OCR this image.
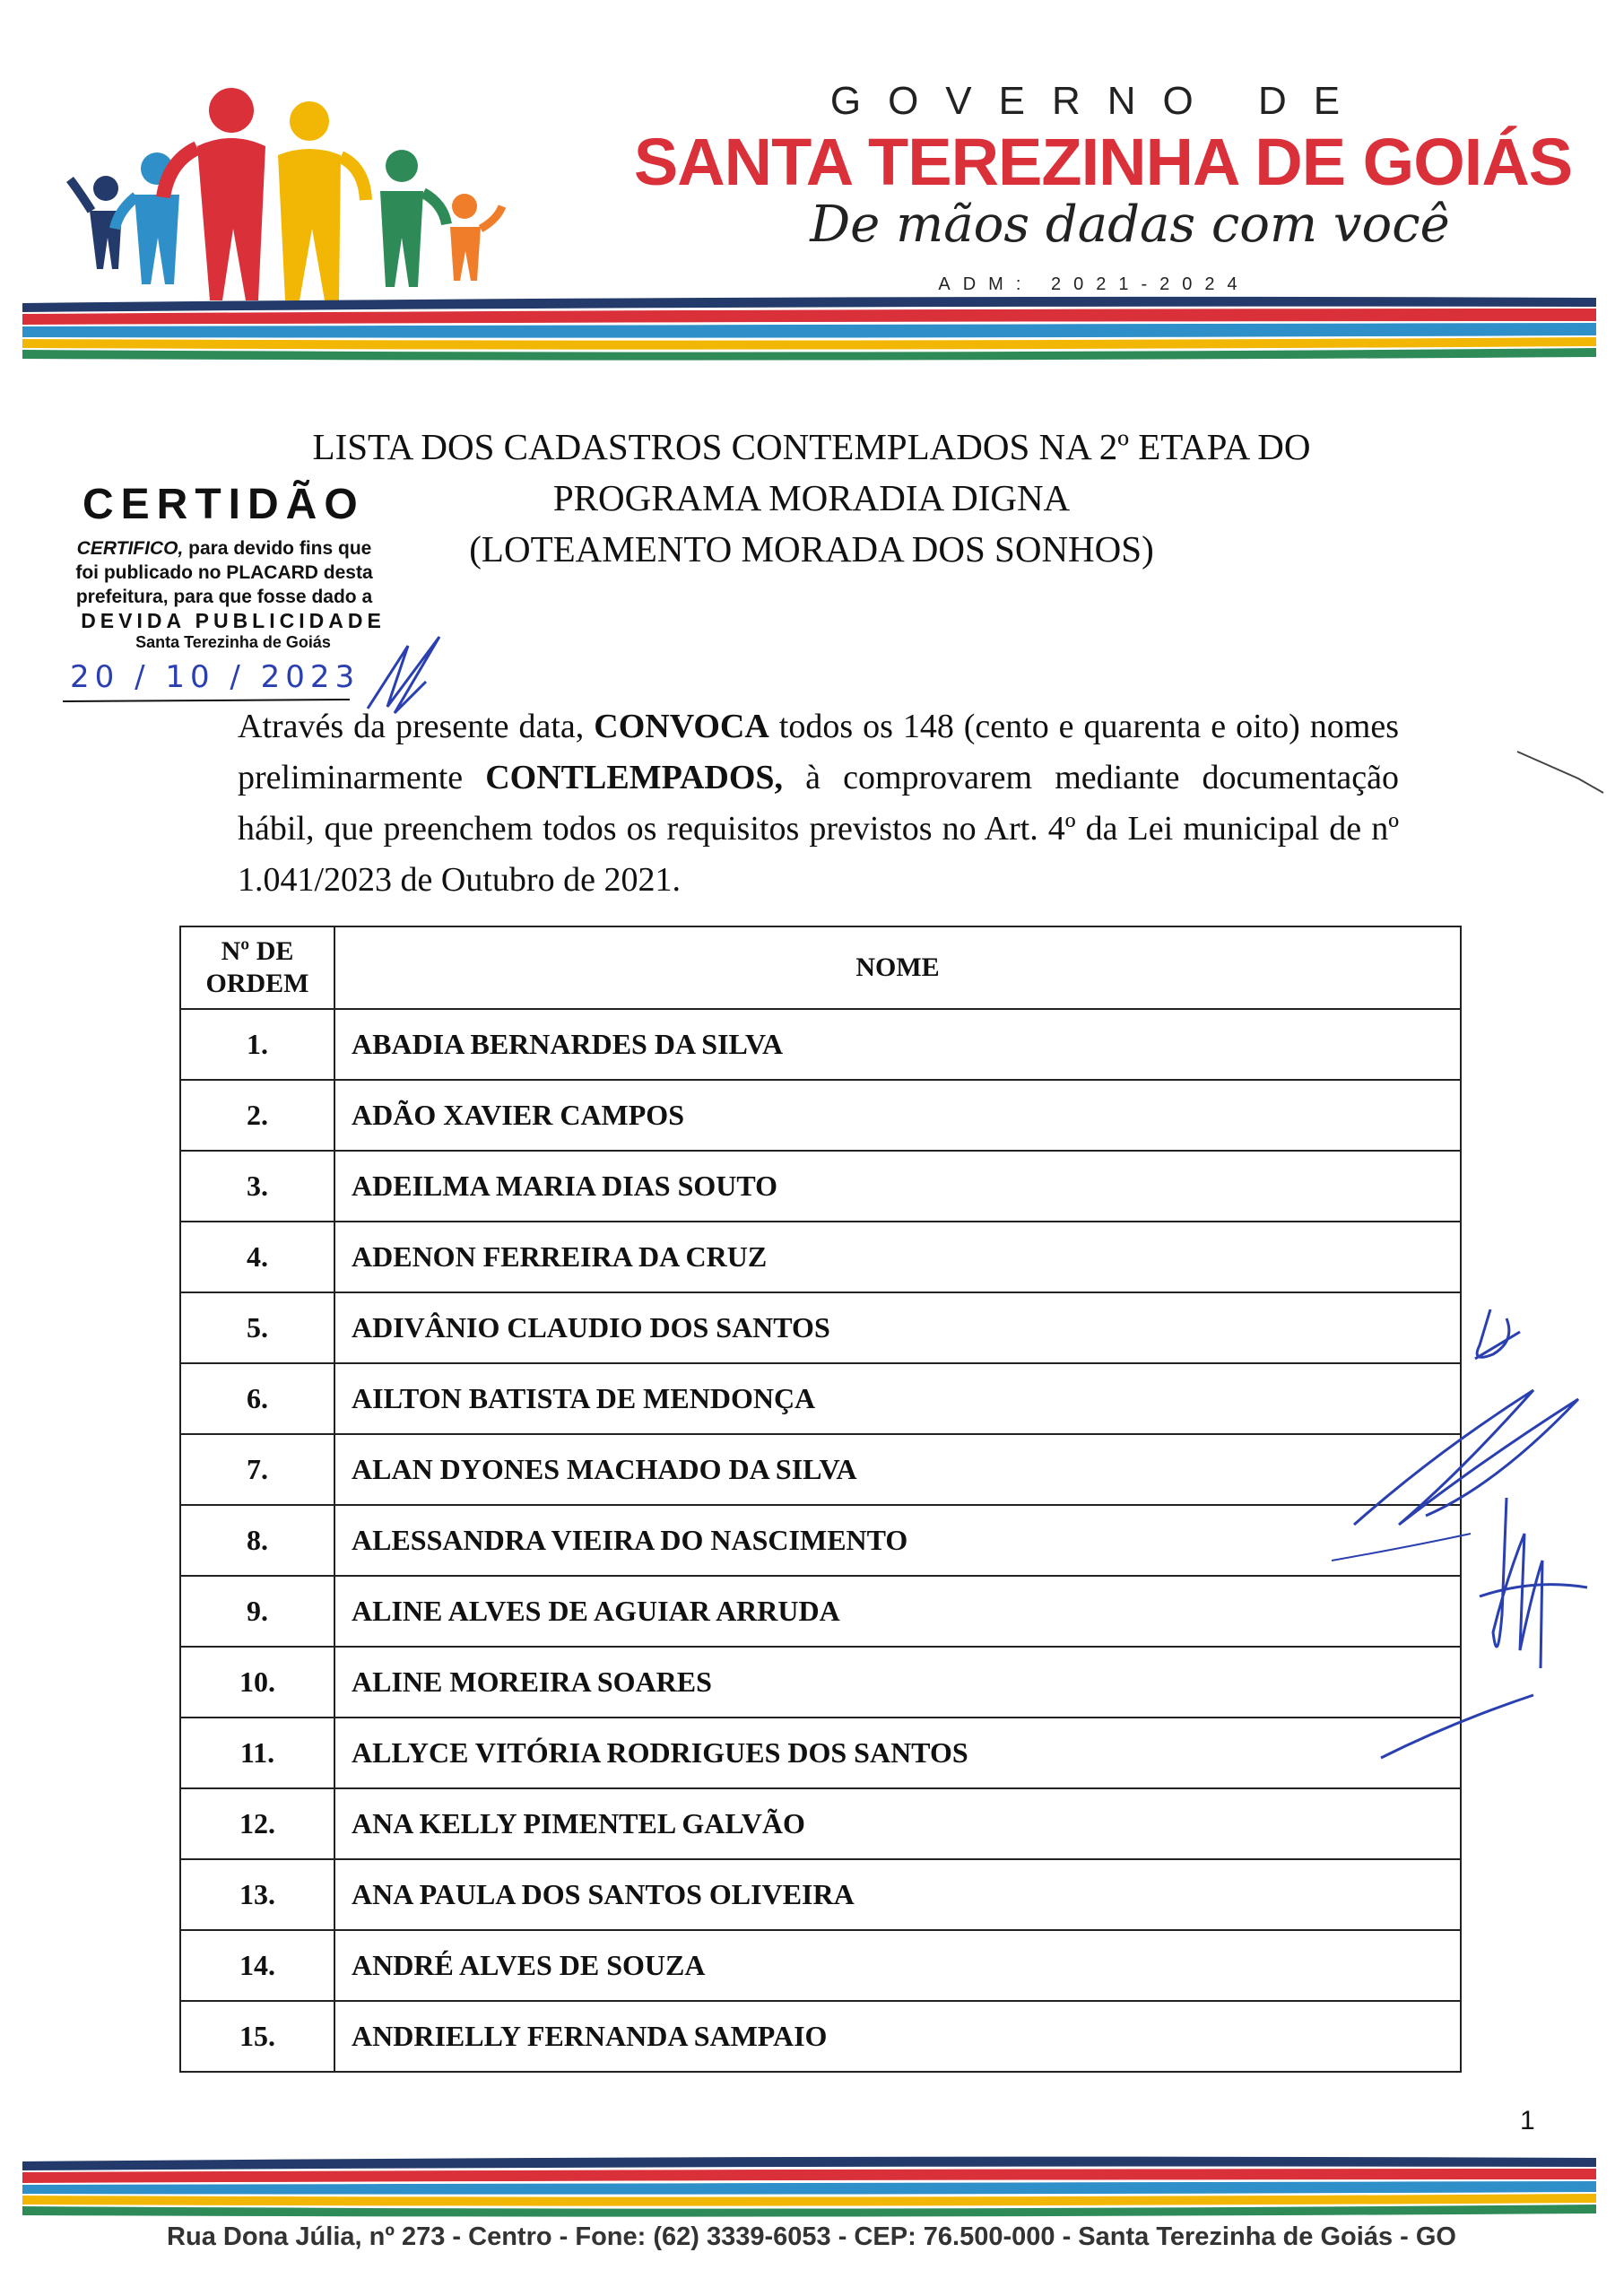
GOVERNO DE
SANTA TEREZINHA DE GOIÁS
De mãos dadas com você
ADM: 2021-2024
LISTA DOS CADASTROS CONTEMPLADOS NA 2º ETAPA DO
PROGRAMA MORADIA DIGNA
(LOTEAMENTO MORADA DOS SONHOS)
CERTIDÃO
CERTIFICO, para devido fins que foi publicado no PLACARD desta prefeitura, para que fosse dado a
DEVIDA PUBLICIDADE
Santa Terezinha de Goiás
20 / 10 / 2023
Através da presente data, CONVOCA todos os 148 (cento e quarenta e oito) nomes preliminarmente CONTLEMPADOS, à comprovarem mediante documentação hábil, que preenchem todos os requisitos previstos no Art. 4º da Lei municipal de nº 1.041/2023 de Outubro de 2021.
Nº DE ORDEM	NOME
1.	ABADIA BERNARDES DA SILVA
2.	ADÃO XAVIER CAMPOS
3.	ADEILMA MARIA DIAS SOUTO
4.	ADENON FERREIRA DA CRUZ
5.	ADIVÂNIO CLAUDIO DOS SANTOS
6.	AILTON BATISTA DE MENDONÇA
7.	ALAN DYONES MACHADO DA SILVA
8.	ALESSANDRA VIEIRA DO NASCIMENTO
9.	ALINE ALVES DE AGUIAR ARRUDA
10.	ALINE MOREIRA SOARES
11.	ALLYCE VITÓRIA RODRIGUES DOS SANTOS
12.	ANA KELLY PIMENTEL GALVÃO
13.	ANA PAULA DOS SANTOS OLIVEIRA
14.	ANDRÉ ALVES DE SOUZA
15.	ANDRIELLY FERNANDA SAMPAIO
1
Rua Dona Júlia, nº 273 - Centro - Fone: (62) 3339-6053 - CEP: 76.500-000 - Santa Terezinha de Goiás - GO
